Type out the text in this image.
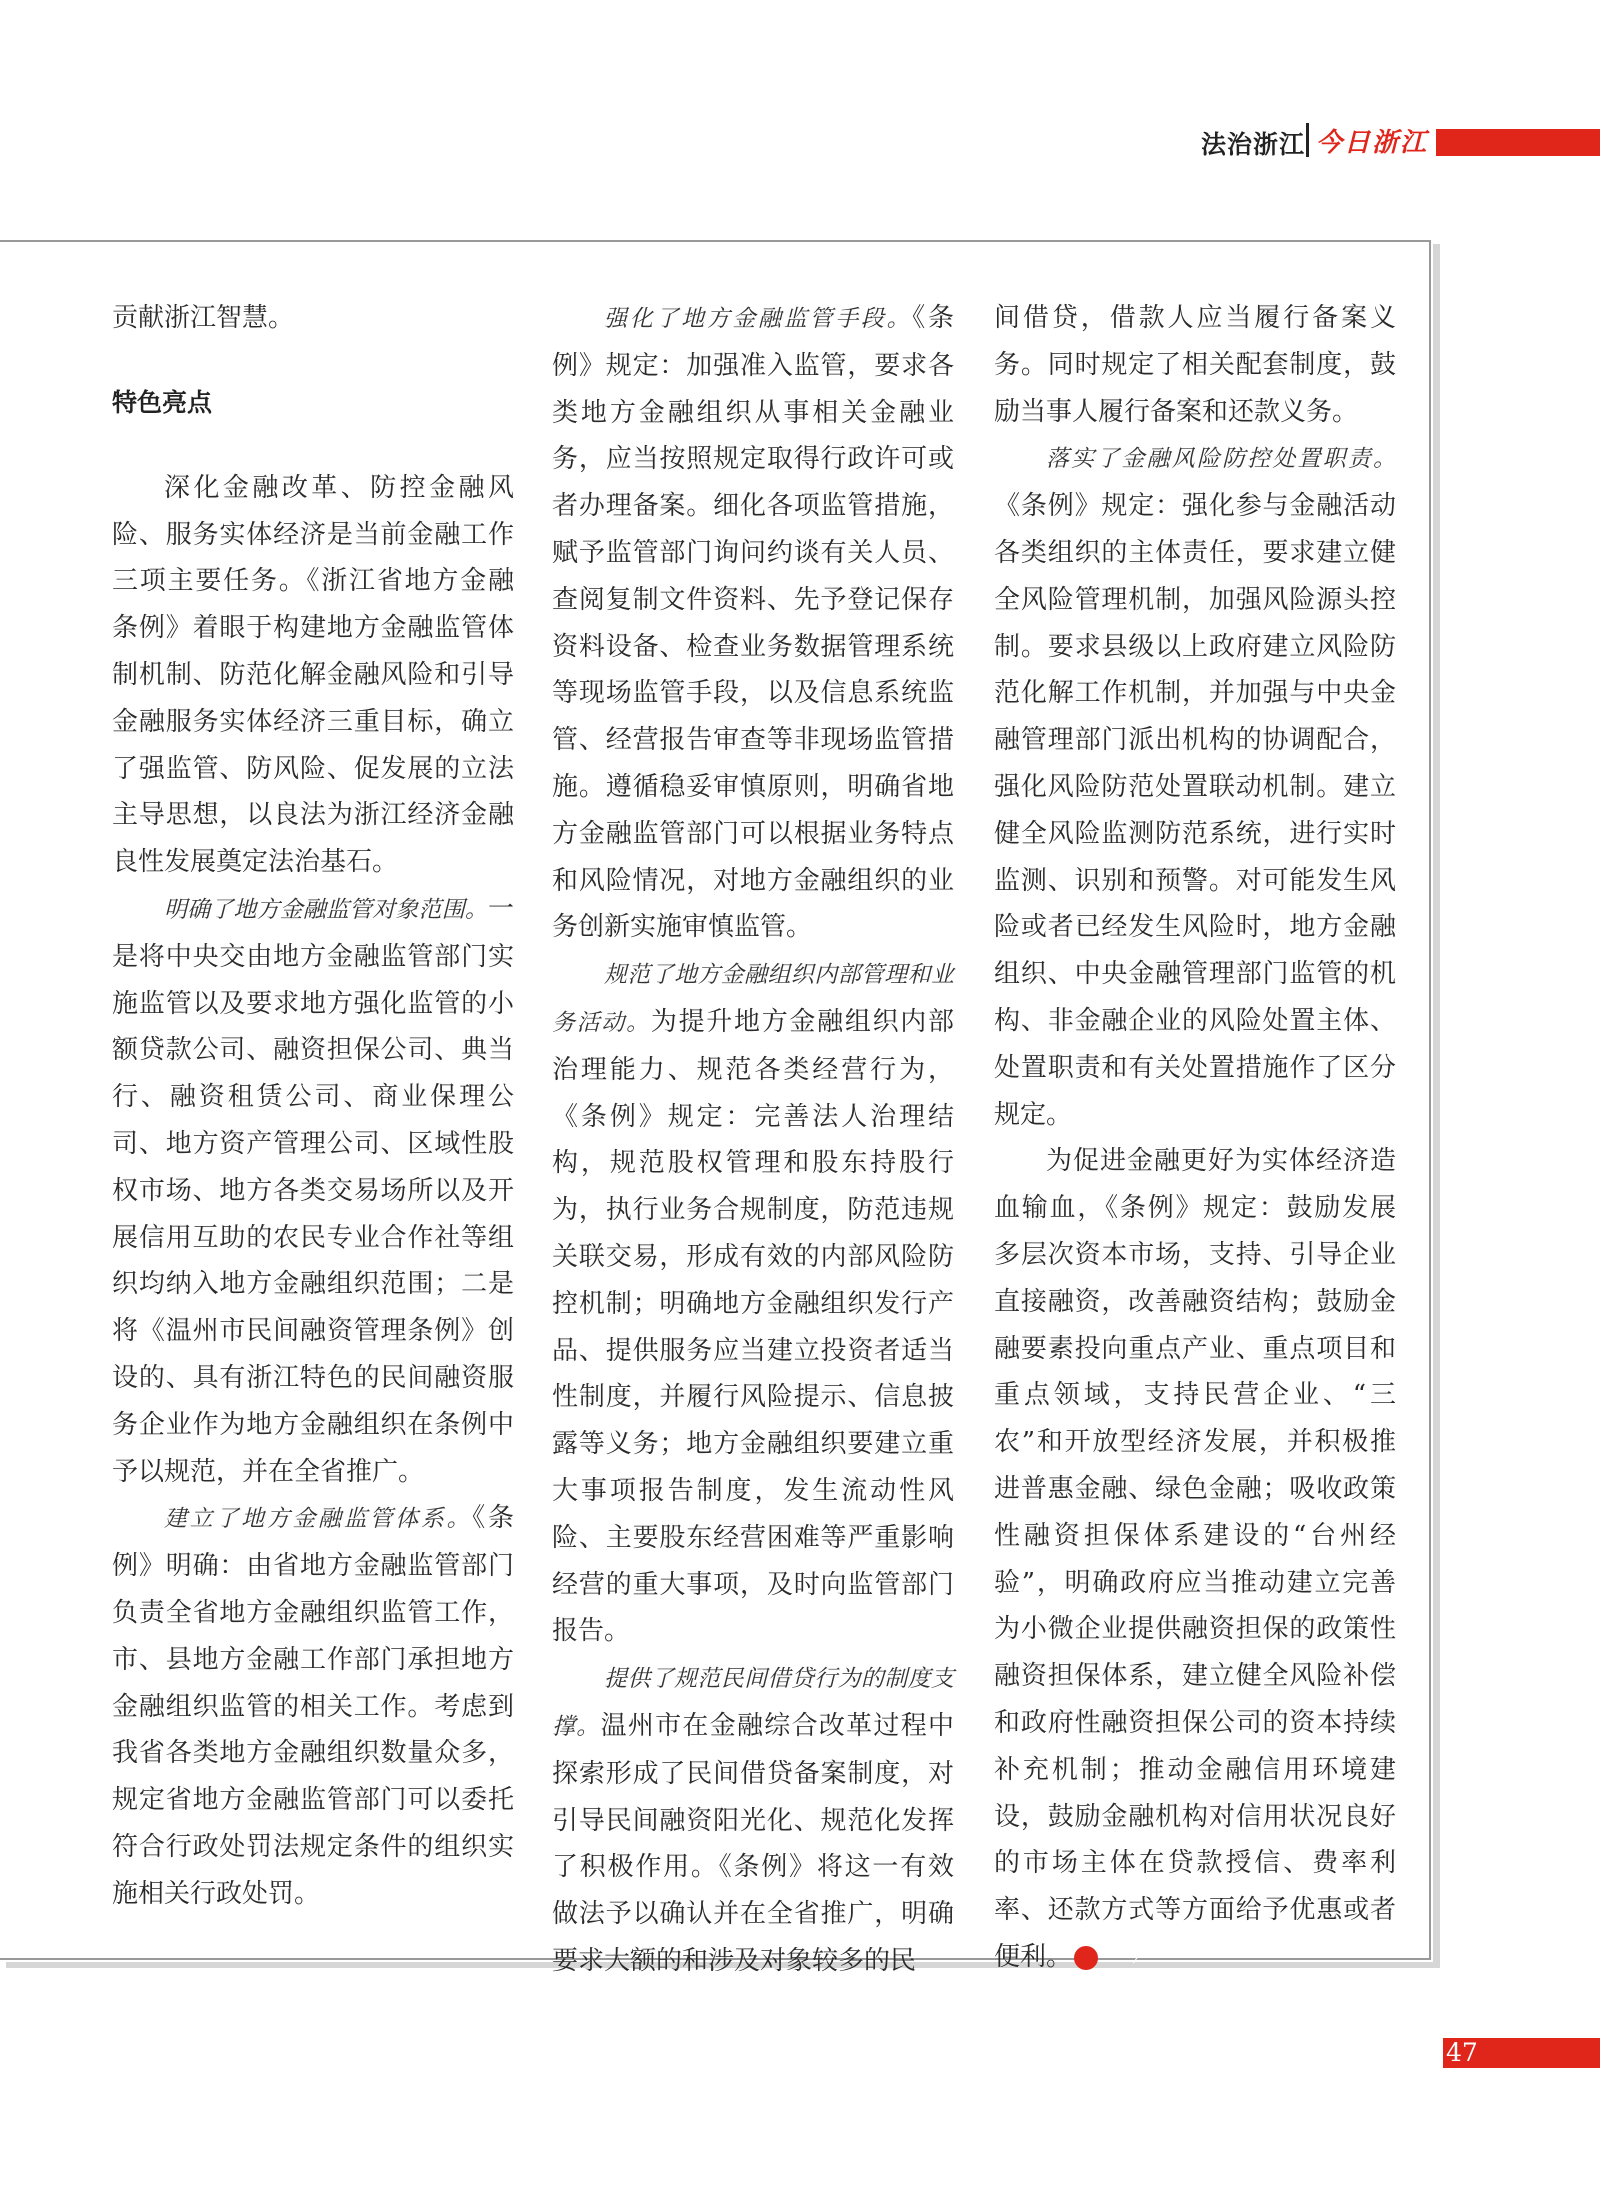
法治浙江 今日浙江

贡献浙江智慧。

特色亮点

深化金融改革、防控金融风险、服务实体经济是当前金融工作三项主要任务。《浙江省地方金融条例》着眼于构建地方金融监管体制机制、防范化解金融风险和引导金融服务实体经济三重目标，确立了强监管、防风险、促发展的立法主导思想，以良法为浙江经济金融良性发展奠定法治基石。

明确了地方金融监管对象范围。一是将中央交由地方金融监管部门实施监管以及要求地方强化监管的小额贷款公司、融资担保公司、典当行、融资租赁公司、商业保理公司、地方资产管理公司、区域性股权市场、地方各类交易场所以及开展信用互助的农民专业合作社等组织均纳入地方金融组织范围；二是将《温州市民间融资管理条例》创设的、具有浙江特色的民间融资服务企业作为地方金融组织在条例中予以规范，并在全省推广。

建立了地方金融监管体系。《条例》明确：由省地方金融监管部门负责全省地方金融组织监管工作，市、县地方金融工作部门承担地方金融组织监管的相关工作。考虑到我省各类地方金融组织数量众多，规定省地方金融监管部门可以委托符合行政处罚法规定条件的组织实施相关行政处罚。

强化了地方金融监管手段。《条例》规定：加强准入监管，要求各类地方金融组织从事相关金融业务，应当按照规定取得行政许可或者办理备案。细化各项监管措施，赋予监管部门询问约谈有关人员、查阅复制文件资料、先予登记保存资料设备、检查业务数据管理系统等现场监管手段，以及信息系统监管、经营报告审查等非现场监管措施。遵循稳妥审慎原则，明确省地方金融监管部门可以根据业务特点和风险情况，对地方金融组织的业务创新实施审慎监管。

规范了地方金融组织内部管理和业务活动。为提升地方金融组织内部治理能力、规范各类经营行为，《条例》规定：完善法人治理结构，规范股权管理和股东持股行为，执行业务合规制度，防范违规关联交易，形成有效的内部风险防控机制；明确地方金融组织发行产品、提供服务应当建立投资者适当性制度，并履行风险提示、信息披露等义务；地方金融组织要建立重大事项报告制度，发生流动性风险、主要股东经营困难等严重影响经营的重大事项，及时向监管部门报告。

提供了规范民间借贷行为的制度支撑。温州市在金融综合改革过程中探索形成了民间借贷备案制度，对引导民间融资阳光化、规范化发挥了积极作用。《条例》将这一有效做法予以确认并在全省推广，明确要求大额的和涉及对象较多的民

间借贷，借款人应当履行备案义务。同时规定了相关配套制度，鼓励当事人履行备案和还款义务。

落实了金融风险防控处置职责。《条例》规定：强化参与金融活动各类组织的主体责任，要求建立健全风险管理机制，加强风险源头控制。要求县级以上政府建立风险防范化解工作机制，并加强与中央金融管理部门派出机构的协调配合，强化风险防范处置联动机制。建立健全风险监测防范系统，进行实时监测、识别和预警。对可能发生风险或者已经发生风险时，地方金融组织、中央金融管理部门监管的机构、非金融企业的风险处置主体、处置职责和有关处置措施作了区分规定。

为促进金融更好为实体经济造血输血，《条例》规定：鼓励发展多层次资本市场，支持、引导企业直接融资，改善融资结构；鼓励金融要素投向重点产业、重点项目和重点领域，支持民营企业、“三农”和开放型经济发展，并积极推进普惠金融、绿色金融；吸收政策性融资担保体系建设的“台州经验”，明确政府应当推动建立完善为小微企业提供融资担保的政策性融资担保体系，建立健全风险补偿和政府性融资担保公司的资本持续补充机制；推动金融信用环境建设，鼓励金融机构对信用状况良好的市场主体在贷款授信、费率利率、还款方式等方面给予优惠或者便利。	今

47
